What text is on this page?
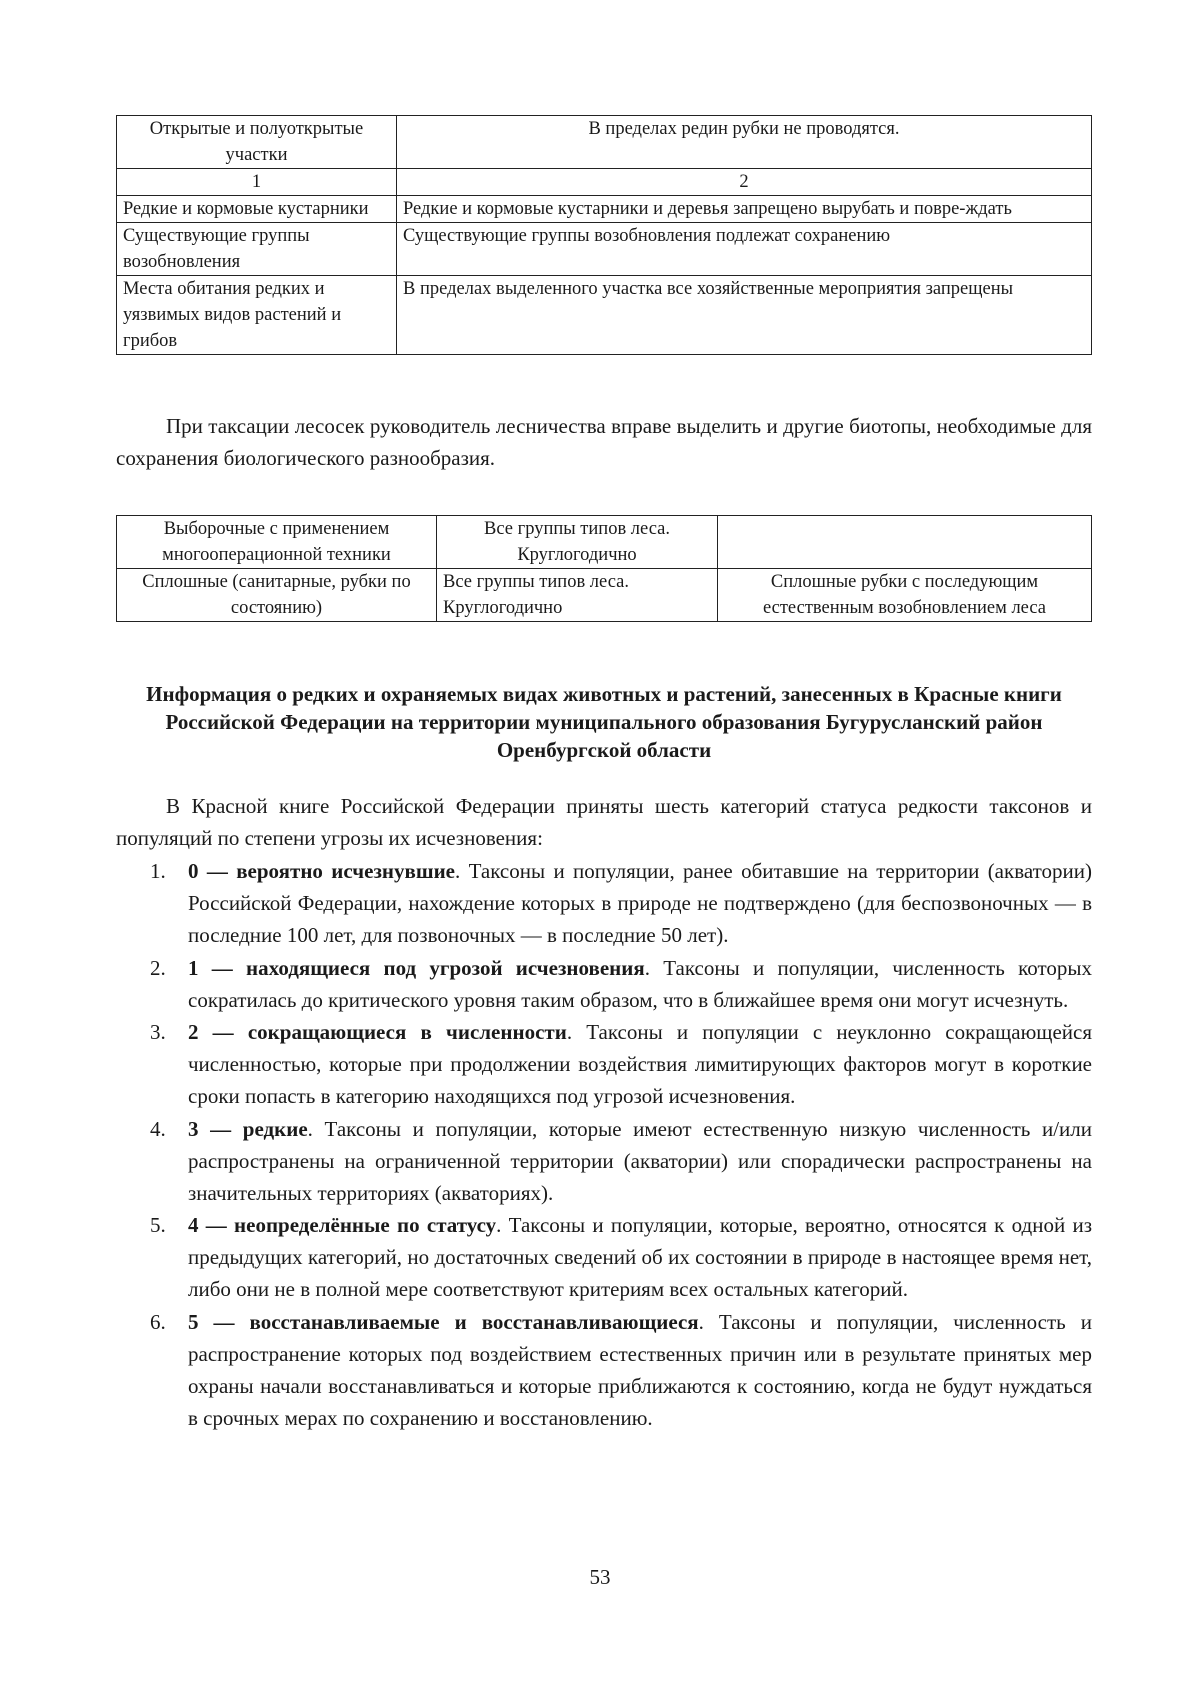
Открытые и полуоткрытые участки	В пределах редин рубки не проводятся.
1	2
Редкие и кормовые кустарники	Редкие и кормовые кустарники и деревья запрещено вырубать и повре-ждать
Существующие группы возобновления	Существующие группы возобновления подлежат сохранению
Места обитания редких и уязвимых видов растений и грибов	В пределах выделенного участка все хозяйственные мероприятия запрещены

При таксации лесосек руководитель лесничества вправе выделить и другие биотопы, необходимые для сохранения биологического разнообразия.

Выборочные с применением многооперационной техники	Все группы типов леса. Круглогодично	
Сплошные (санитарные, рубки по состоянию)	Все группы типов леса. Круглогодично	Сплошные рубки с последующим естественным возобновлением леса
Информация о редких и охраняемых видах животных и растений, занесенных в Красные книги Российской Федерации на территории муниципального образования Бугурусланский район Оренбургской области

В Красной книге Российской Федерации приняты шесть категорий статуса редкости таксонов и популяций по степени угрозы их исчезновения:

1. 0 — вероятно исчезнувшие. Таксоны и популяции, ранее обитавшие на территории (акватории) Российской Федерации, нахождение которых в природе не подтверждено (для беспозвоночных — в последние 100 лет, для позвоночных — в последние 50 лет).
2. 1 — находящиеся под угрозой исчезновения. Таксоны и популяции, численность которых сократилась до критического уровня таким образом, что в ближайшее время они могут исчезнуть.
3. 2 — сокращающиеся в численности. Таксоны и популяции с неуклонно сокращающейся численностью, которые при продолжении воздействия лимитирующих факторов могут в короткие сроки попасть в категорию находящихся под угрозой исчезновения.
4. 3 — редкие. Таксоны и популяции, которые имеют естественную низкую численность и/или распространены на ограниченной территории (акватории) или спорадически распространены на значительных территориях (акваториях).
5. 4 — неопределённые по статусу. Таксоны и популяции, которые, вероятно, относятся к одной из предыдущих категорий, но достаточных сведений об их состоянии в природе в настоящее время нет, либо они не в полной мере соответствуют критериям всех остальных категорий.
6. 5 — восстанавливаемые и восстанавливающиеся. Таксоны и популяции, численность и распространение которых под воздействием естественных причин или в результате принятых мер охраны начали восстанавливаться и которые приближаются к состоянию, когда не будут нуждаться в срочных мерах по сохранению и восстановлению.
53
